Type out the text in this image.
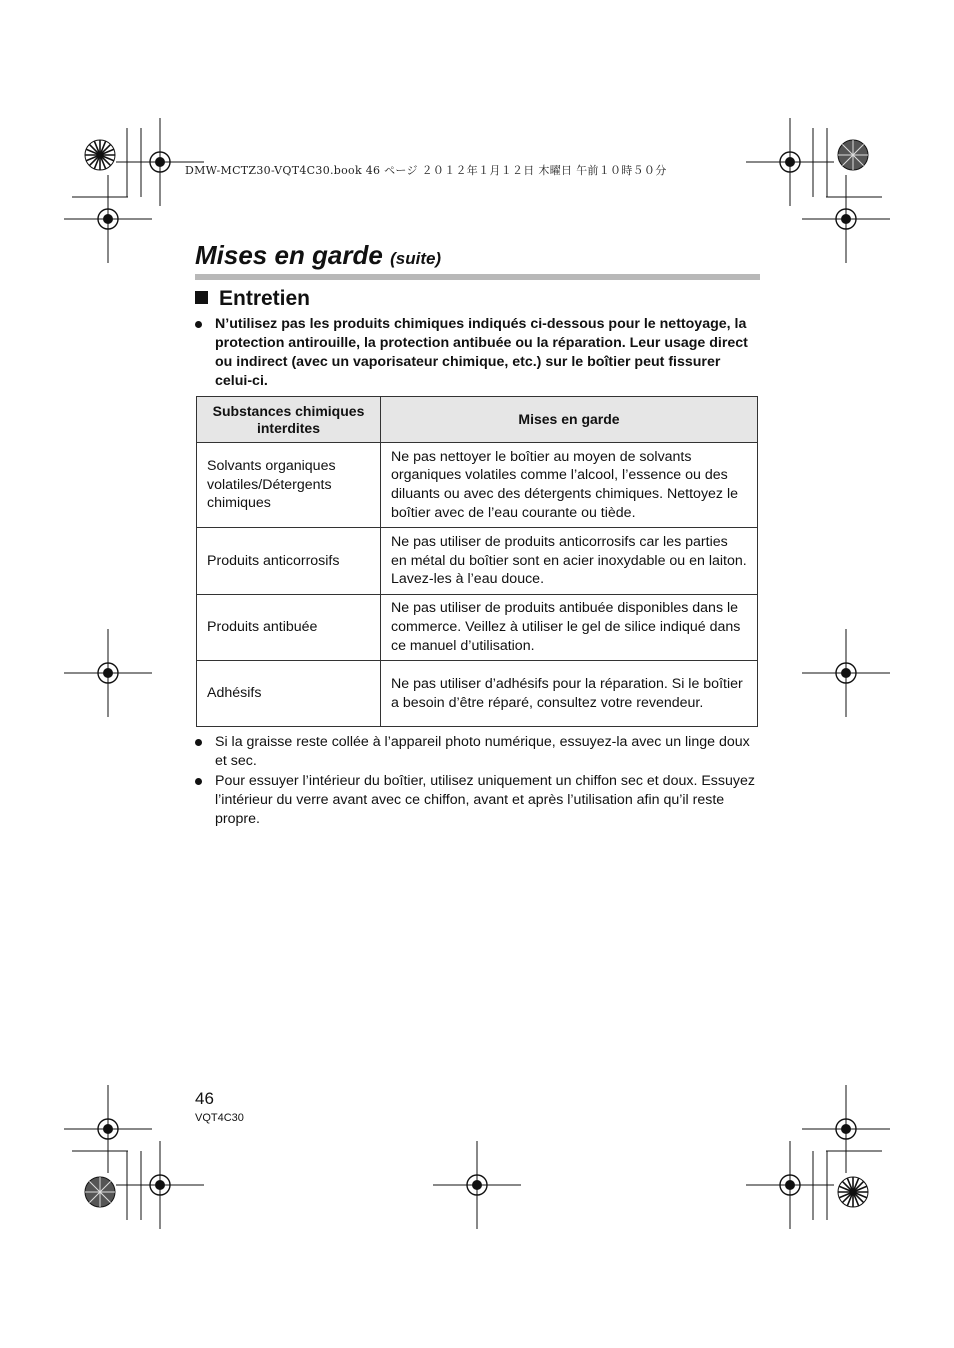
DMW-MCTZ30-VQT4C30.book 46 ページ ２０１２年１月１２日 木曜日 午前１０時５０分
Mises en garde (suite)
Entretien
N’utilisez pas les produits chimiques indiqués ci-dessous pour le nettoyage, la protection antirouille, la protection antibuée ou la réparation. Leur usage direct ou indirect (avec un vaporisateur chimique, etc.) sur le boîtier peut fissurer celui-ci.
Substances chimiques interdites	Mises en garde
Solvants organiques volatiles/Détergents chimiques	Ne pas nettoyer le boîtier au moyen de solvants organiques volatiles comme l’alcool, l’essence ou des diluants ou avec des détergents chimiques. Nettoyez le boîtier avec de l’eau courante ou tiède.
Produits anticorrosifs	Ne pas utiliser de produits anticorrosifs car les parties en métal du boîtier sont en acier inoxydable ou en laiton. Lavez-les à l’eau douce.
Produits antibuée	Ne pas utiliser de produits antibuée disponibles dans le commerce. Veillez à utiliser le gel de silice indiqué dans ce manuel d’utilisation.
Adhésifs	Ne pas utiliser d’adhésifs pour la réparation. Si le boîtier a besoin d’être réparé, consultez votre revendeur.
Si la graisse reste collée à l’appareil photo numérique, essuyez-la avec un linge doux et sec.
Pour essuyer l’intérieur du boîtier, utilisez uniquement un chiffon sec et doux. Essuyez l’intérieur du verre avant avec ce chiffon, avant et après l’utilisation afin qu’il reste propre.
46
VQT4C30
